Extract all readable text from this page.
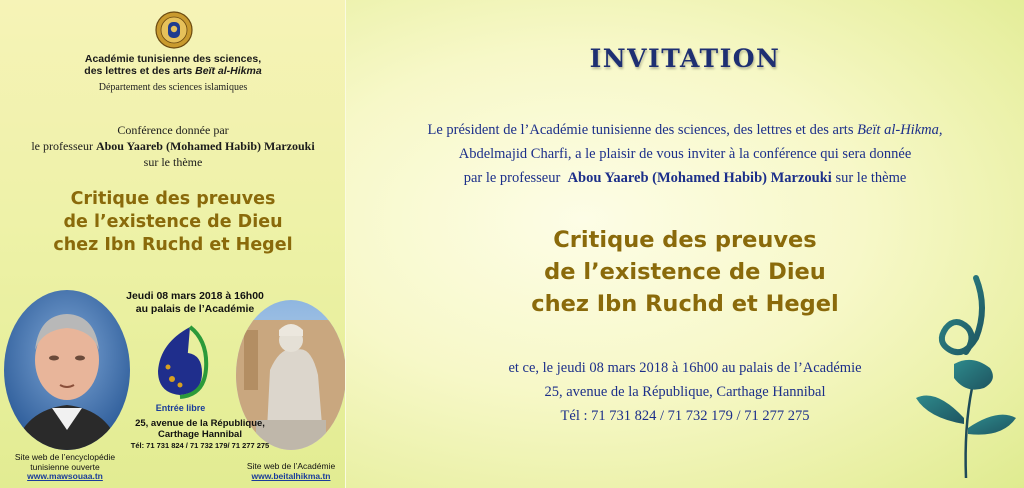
Académie tunisienne des sciences,
des lettres et des arts Beït al-Hikma
Département des sciences islamiques
Conférence donnée par
le professeur Abou Yaareb (Mohamed Habib) Marzouki
sur le thème
Critique des preuves
de l’existence de Dieu
chez Ibn Ruchd et Hegel
Jeudi 08 mars 2018 à 16h00
au palais de l’Académie
Entrée libre
25, avenue de la République,
Carthage Hannibal
Tél: 71 731 824 / 71 732 179/ 71 277 275
Site web de l’encyclopédie
tunisienne ouverte
www.mawsouaa.tn
Site web de l’Académie
www.beitalhikma.tn
INVITATION
Le président de l’Académie tunisienne des sciences, des lettres et des arts Beït al-Hikma,
Abdelmajid Charfi, a le plaisir de vous inviter à la conférence qui sera donnée
par le professeur Abou Yaareb (Mohamed Habib) Marzouki sur le thème
Critique des preuves
de l’existence de Dieu
chez Ibn Ruchd et Hegel
et ce, le jeudi 08 mars 2018 à 16h00 au palais de l’Académie
25, avenue de la République, Carthage Hannibal
Tél : 71 731 824 / 71 732 179 / 71 277 275
